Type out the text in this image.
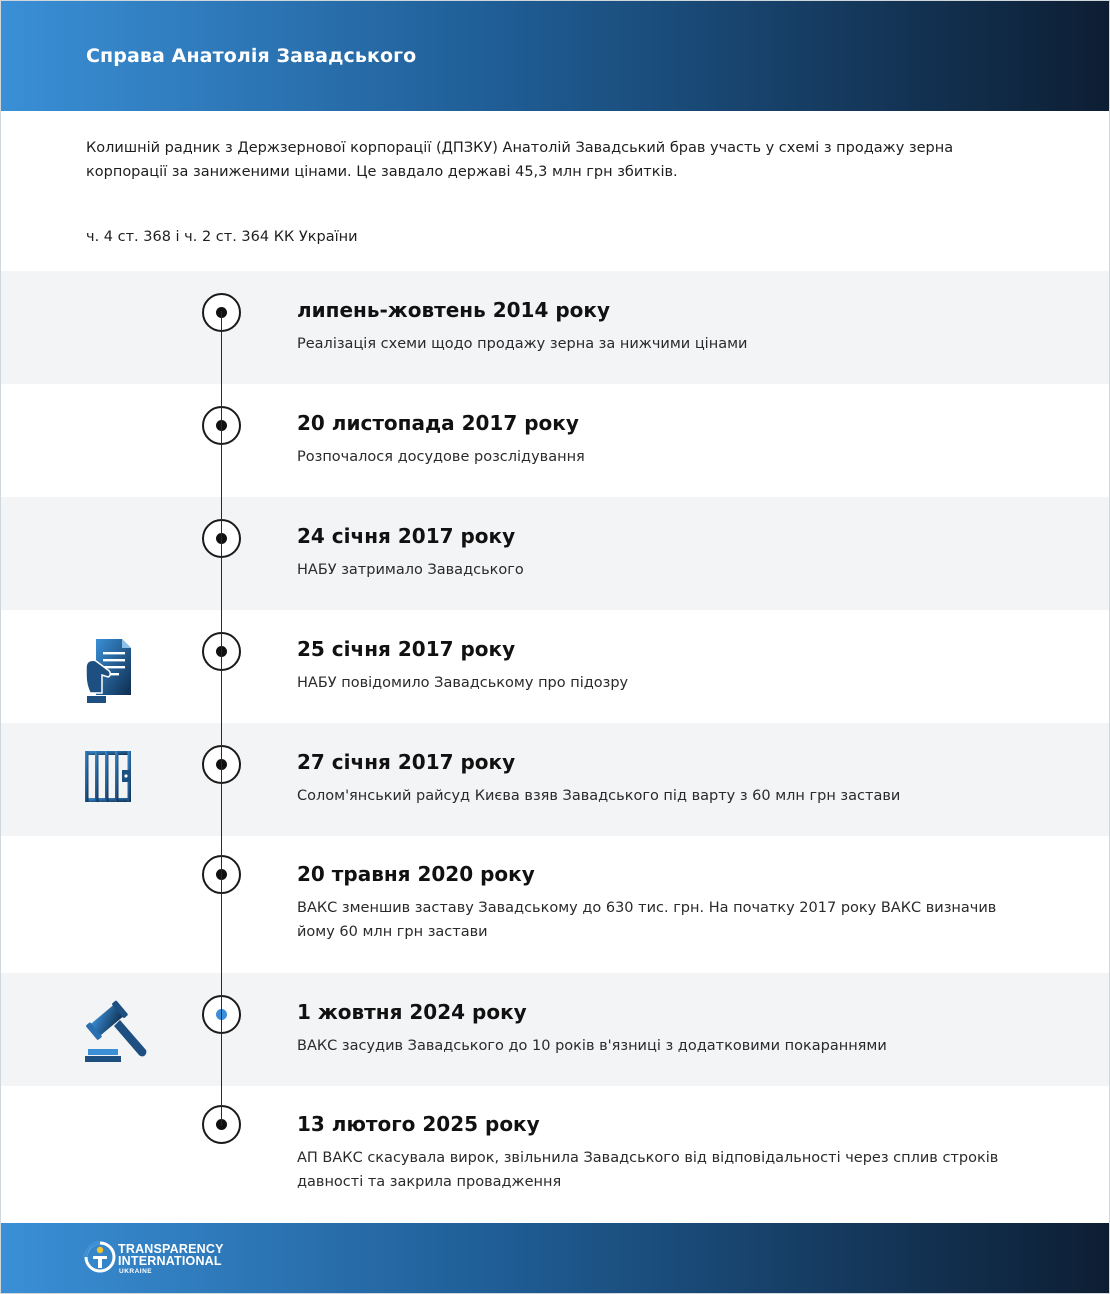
Справа Анатолія Завадського

Колишній радник з Держзернової корпорації (ДПЗКУ) Анатолій Завадський брав участь у схемі з продажу зерна корпорації за заниженими цінами. Це завдало державі 45,3 млн грн збитків.

ч. 4 ст. 368 і ч. 2 ст. 364 КК України

липень-жовтень 2014 року

Реалізація схеми щодо продажу зерна за нижчими цінами

20 листопада 2017 року

Розпочалося досудове розслідування

24 січня 2017 року

НАБУ затримало Завадського

25 січня 2017 року

НАБУ повідомило Завадському про підозру

27 січня 2017 року

Солом'янський райсуд Києва взяв Завадського під варту з 60 млн грн застави

20 травня 2020 року

ВАКС зменшив заставу Завадському до 630 тис. грн. На початку 2017 року ВАКС визначив йому 60 млн грн застави

1 жовтня 2024 року

ВАКС засудив Завадського до 10 років в'язниці з додатковими покараннями

13 лютого 2025 року

АП ВАКС скасувала вирок, звільнила Завадського від відповідальності через сплив строків давності та закрила провадження

TRANSPARENCY
INTERNATIONAL
UKRAINE
